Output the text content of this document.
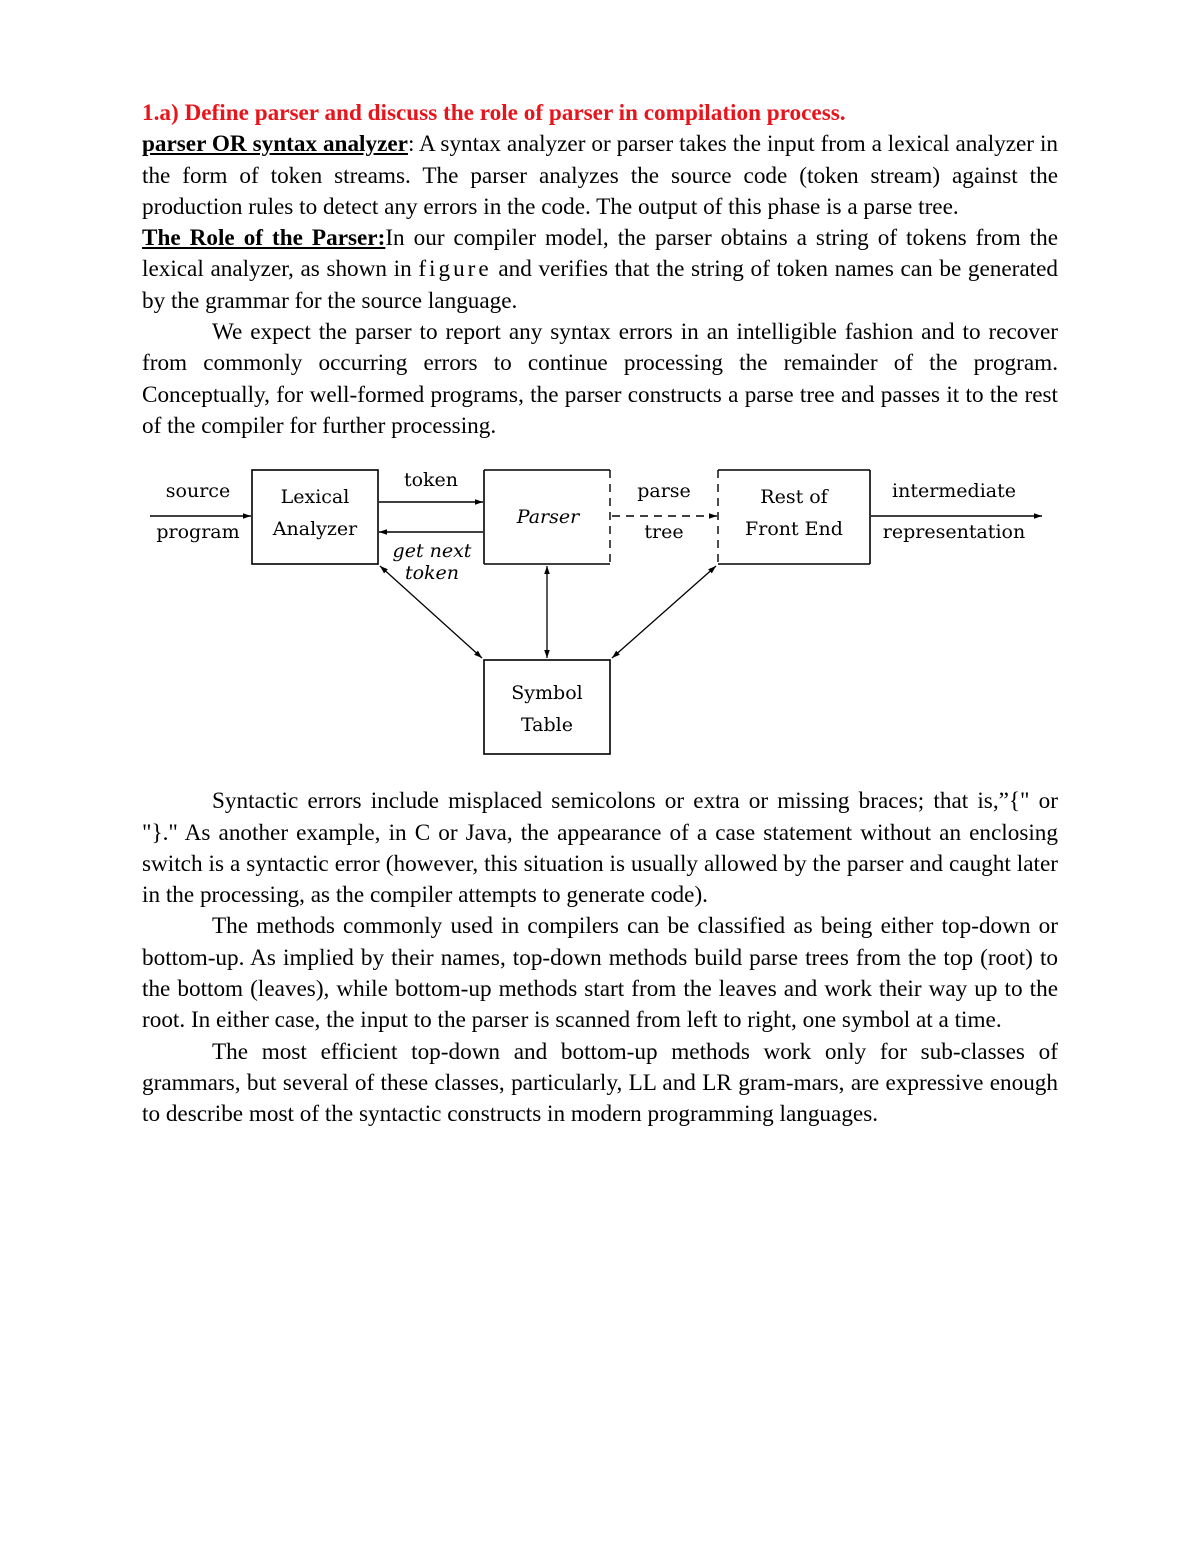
1.a) Define parser and discuss the role of parser in compilation process.

parser OR syntax analyzer: A syntax analyzer or parser takes the input from a lexical analyzer in the form of token streams. The parser analyzes the source code (token stream) against the production rules to detect any errors in the code. The output of this phase is a parse tree.

The Role of the Parser:In our compiler model, the parser obtains a string of tokens from the lexical analyzer, as shown in figure and verifies that the string of token names can be generated by the grammar for the source language.

We expect the parser to report any syntax errors in an intelligible fashion and to recover from commonly occurring errors to continue processing the remainder of the program. Conceptually, for well-formed programs, the parser constructs a parse tree and passes it to the rest of the compiler for further processing.

source
program
Lexical
Analyzer
token
Parser
get next
token
parse
tree
Rest of
Front End
intermediate
representation
Symbol
Table

Syntactic errors include misplaced semicolons or extra or missing braces; that is,”{" or "}." As another example, in C or Java, the appearance of a case statement without an enclosing switch is a syntactic error (however, this situation is usually allowed by the parser and caught later in the processing, as the compiler attempts to generate code).

The methods commonly used in compilers can be classified as being either top-down or bottom-up. As implied by their names, top-down methods build parse trees from the top (root) to the bottom (leaves), while bottom-up methods start from the leaves and work their way up to the root. In either case, the input to the parser is scanned from left to right, one symbol at a time.

The most efficient top-down and bottom-up methods work only for sub-classes of grammars, but several of these classes, particularly, LL and LR gram-mars, are expressive enough to describe most of the syntactic constructs in modern programming languages.
